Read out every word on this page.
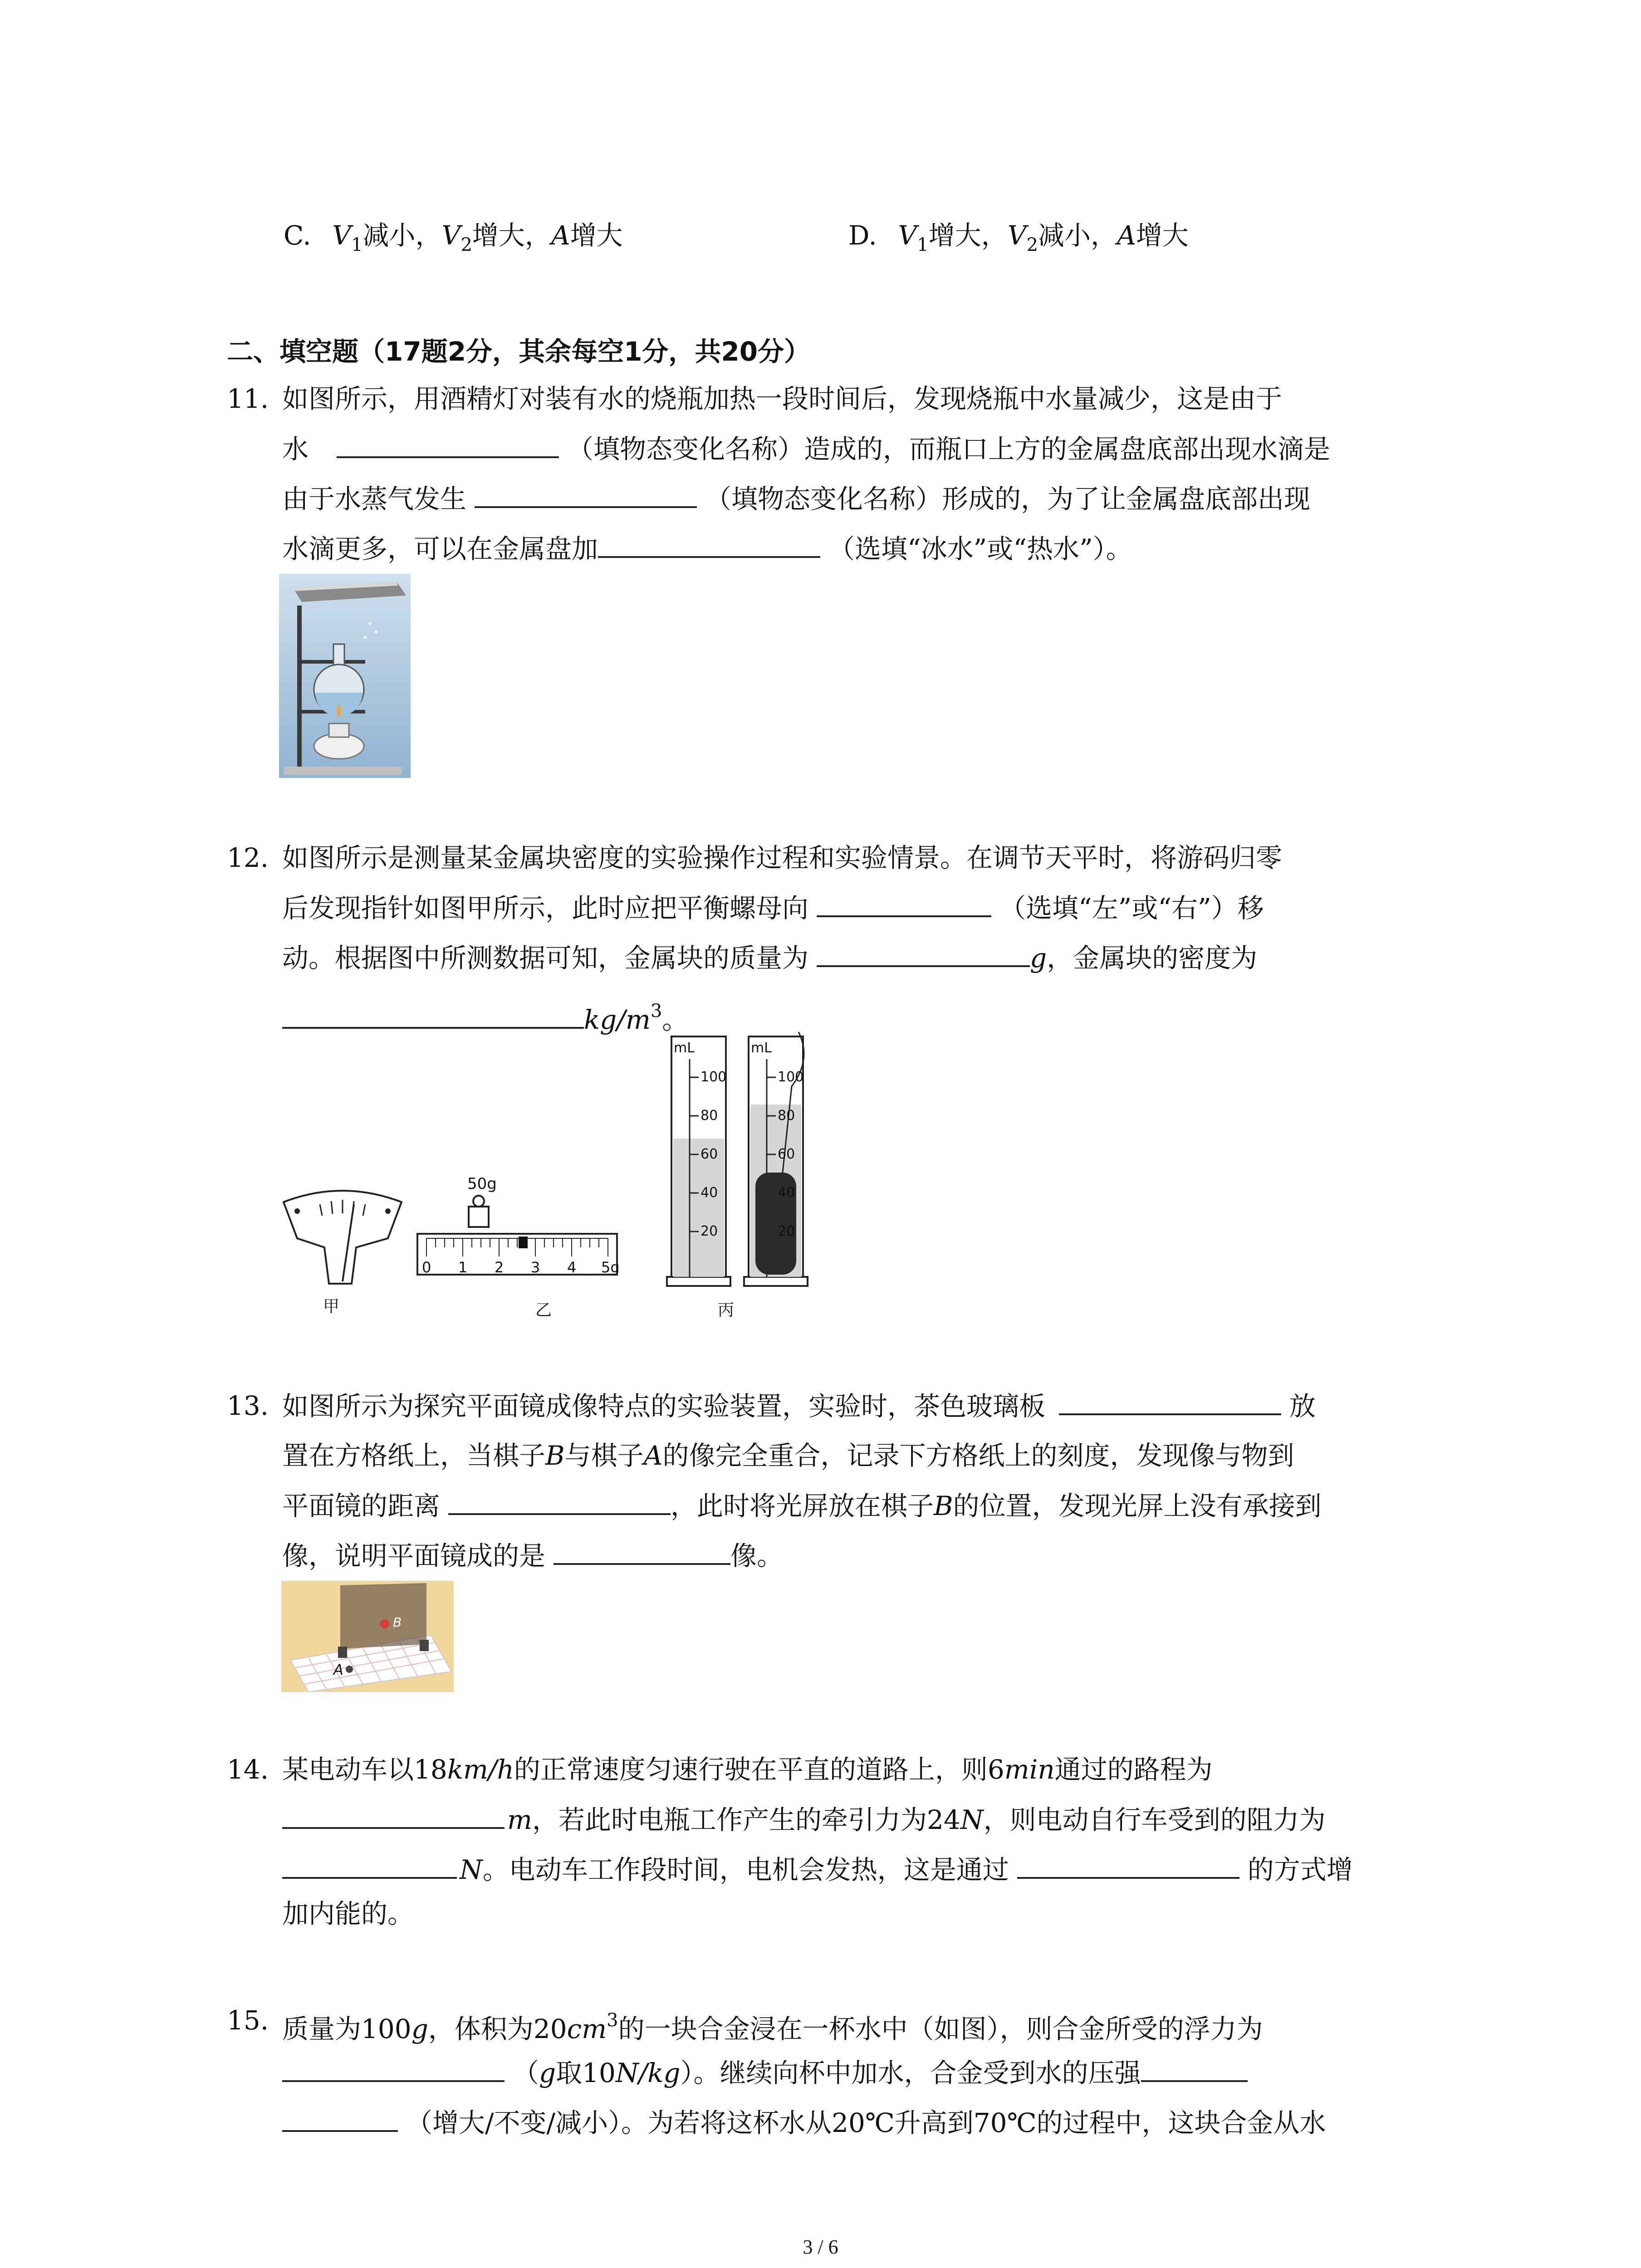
C. $V_1$减小，$V_2$增大，A增大	D. $V_1$增大，$V_2$减小，A增大
二、填空题（17题2分，其余每空1分，共20分）
11. 如图所示，用酒精灯对装有水的烧瓶加热一段时间后，发现烧瓶中水量减少，这是由于
水	（填物态变化名称）造成的，而瓶口上方的金属盘底部出现水滴是
由于水蒸气发生	（填物态变化名称）形成的，为了让金属盘底部出现
水滴更多，可以在金属盘加	（选填“冰水”或“热水”）。
12. 如图所示是测量某金属块密度的实验操作过程和实验情景。在调节天平时，将游码归零
后发现指针如图甲所示，此时应把平衡螺母向	（选填“左”或“右”）移
动。根据图中所测数据可知，金属块的质量为	g，金属块的密度为
$kg/m^3$。
甲
50g
0 1 2 3 4 5g
乙
mL	mL
100
80
60
40
20
100
80
60
40
20
丙
13. 如图所示为探究平面镜成像特点的实验装置，实验时，茶色玻璃板	放
置在方格纸上，当棋子B与棋子A的像完全重合，记录下方格纸上的刻度，发现像与物到
平面镜的距离	，此时将光屏放在棋子B的位置，发现光屏上没有承接到
像，说明平面镜成的是	像。
A
B
14. 某电动车以18km/h的正常速度匀速行驶在平直的道路上，则6min通过的路程为
m，若此时电瓶工作产生的牵引力为24N，则电动自行车受到的阻力为
N。电动车工作段时间，电机会发热，这是通过	的方式增
加内能的。
15. 质量为100g，体积为$20cm^3$的一块合金浸在一杯水中（如图），则合金所受的浮力为
（g取10N/kg）。继续向杯中加水，合金受到水的压强
（增大/不变/减小）。为若将这杯水从20℃升高到70℃的过程中，这块合金从水
3 / 6
